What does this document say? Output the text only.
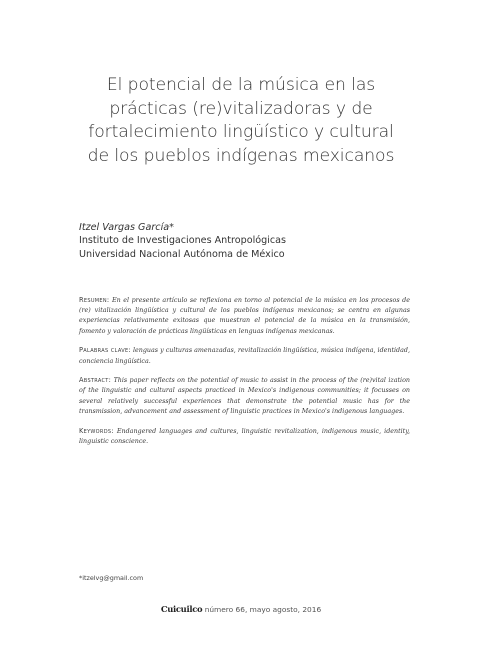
El potencial de la música en las
prácticas (re)vitalizadoras y de
fortalecimiento lingüístico y cultural
de los pueblos indígenas mexicanos
Itzel Vargas García*
Instituto de Investigaciones Antropológicas
Universidad Nacional Autónoma de México

Resumen: En el presente artículo se reflexiona en torno al potencial de la música en los procesos de (re) vitalización lingüística y cultural de los pueblos indígenas mexicanos; se centra en algunas experiencias relativamente exitosas que muestran el potencial de la música en la transmisión, fomento y valoración de prácticas lingüísticas en lenguas indígenas mexicanas.

Palabras clave: lenguas y culturas amenazadas, revitalización lingüística, música indígena, identidad, conciencia lingüística.

Abstract: This paper reflects on the potential of music to assist in the process of the (re)vital ization of the linguistic and cultural aspects practiced in Mexico's indigenous communities; it focusses on several relatively successful experiences that demonstrate the potential music has for the transmission, advancement and assessment of linguistic practices in Mexico's indigenous languages.

Keywords: Endangered languages and cultures, linguistic revitalization, indigenous music, identity, linguistic conscience.

*itzelvg@gmail.com
Cuicuilco número 66, mayo agosto, 2016
